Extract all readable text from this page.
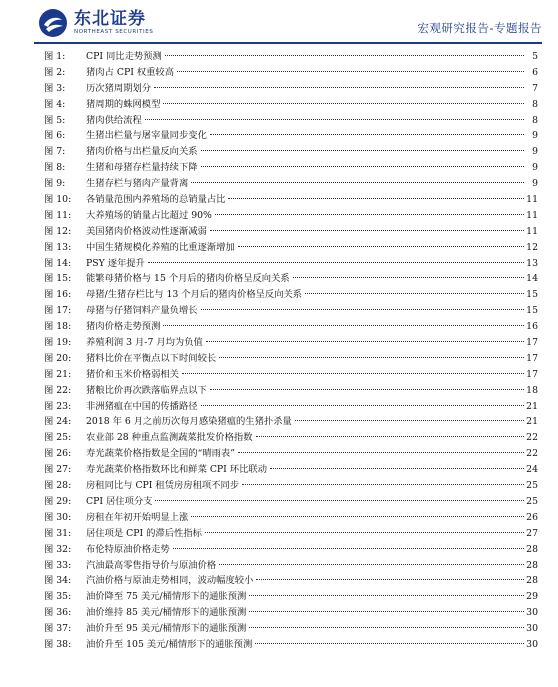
东北证券
NORTHEAST SECURITIES	宏观研究报告-专题报告
图 1:	CPI 同比走势预测	5
图 2:	猪肉占 CPI 权重较高	6
图 3:	历次猪周期划分	7
图 4:	猪周期的蛛网模型	8
图 5:	猪肉供给流程	8
图 6:	生猪出栏量与屠宰量同步变化	9
图 7:	猪肉价格与出栏量反向关系	9
图 8:	生猪和母猪存栏量持续下降	9
图 9:	生猪存栏与猪肉产量背离	9
图 10:	各销量范围内养殖场的总销量占比	11
图 11:	大养殖场的销量占比超过 90%	11
图 12:	美国猪肉价格波动性逐渐减弱	11
图 13:	中国生猪规模化养殖的比重逐渐增加	12
图 14:	PSY 逐年提升	13
图 15:	能繁母猪价格与 15 个月后的猪肉价格呈反向关系	14
图 16:	母猪/生猪存栏比与 13 个月后的猪肉价格呈反向关系	15
图 17:	母猪与仔猪饲料产量负增长	15
图 18:	猪肉价格走势预测	16
图 19:	养殖利润 3 月-7 月均为负值	17
图 20:	猪料比价在平衡点以下时间较长	17
图 21:	猪价和玉米价格弱相关	17
图 22:	猪粮比价再次跌落临界点以下	18
图 23:	非洲猪瘟在中国的传播路径	21
图 24:	2018 年 6 月之前历次每月感染猪瘟的生猪扑杀量	21
图 25:	农业部 28 种重点监测蔬菜批发价格指数	22
图 26:	寿光蔬菜价格指数是全国的“晴雨表”	22
图 27:	寿光蔬菜价格指数环比和鲜菜 CPI 环比联动	24
图 28:	房租同比与 CPI 租赁房房租项不同步	25
图 29:	CPI 居住项分支	25
图 30:	房租在年初开始明显上涨	26
图 31:	居住项是 CPI 的滞后性指标	27
图 32:	布伦特原油价格走势	28
图 33:	汽油最高零售指导价与原油价格	28
图 34:	汽油价格与原油走势相同，波动幅度较小	28
图 35:	油价降至 75 美元/桶情形下的通胀预测	29
图 36:	油价维持 85 美元/桶情形下的通胀预测	30
图 37:	油价升至 95 美元/桶情形下的通胀预测	30
图 38:	油价升至 105 美元/桶情形下的通胀预测	30
